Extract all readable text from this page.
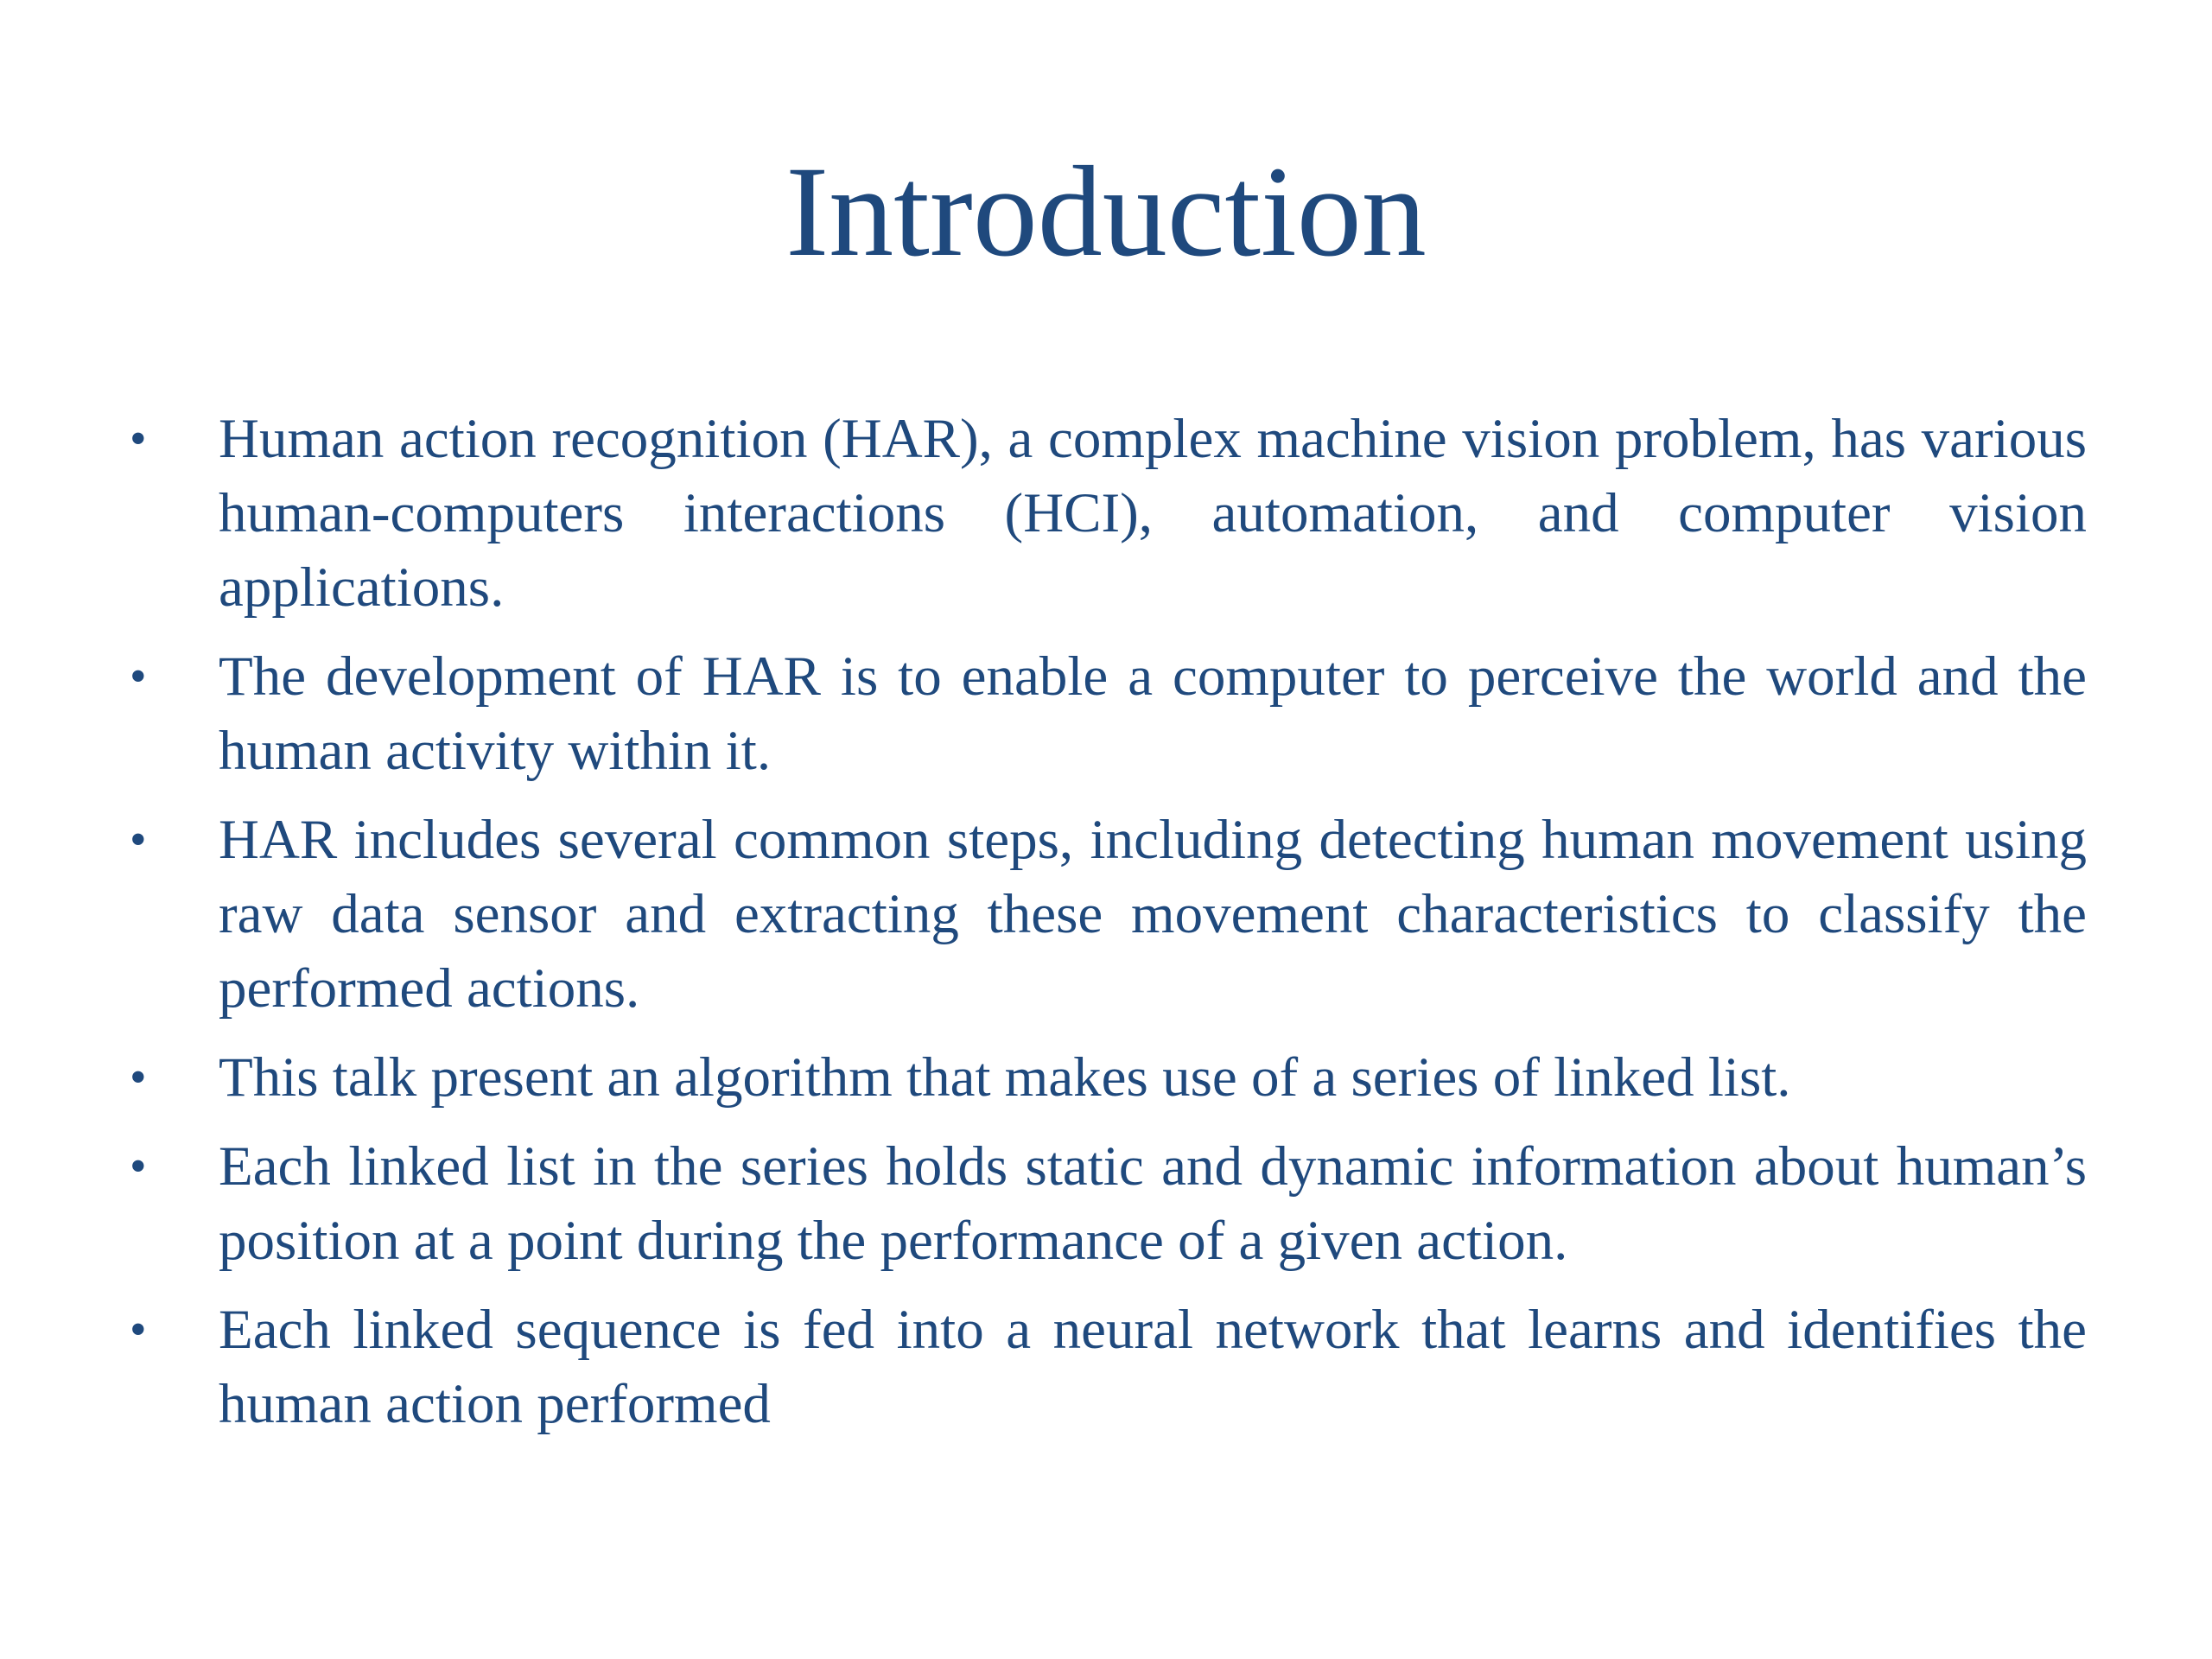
Introduction
• Human action recognition (HAR), a complex machine vision problem, has various human-computers interactions (HCI), automation, and computer vision applications.
• The development of HAR is to enable a computer to perceive the world and the human activity within it.
• HAR includes several common steps, including detecting human movement using raw data sensor and extracting these movement characteristics to classify the performed actions.
• This talk present an algorithm that makes use of a series of linked list.
• Each linked list in the series holds static and dynamic information about human’s position at a point during the performance of a given action.
• Each linked sequence is fed into a neural network that learns and identifies the human action performed
